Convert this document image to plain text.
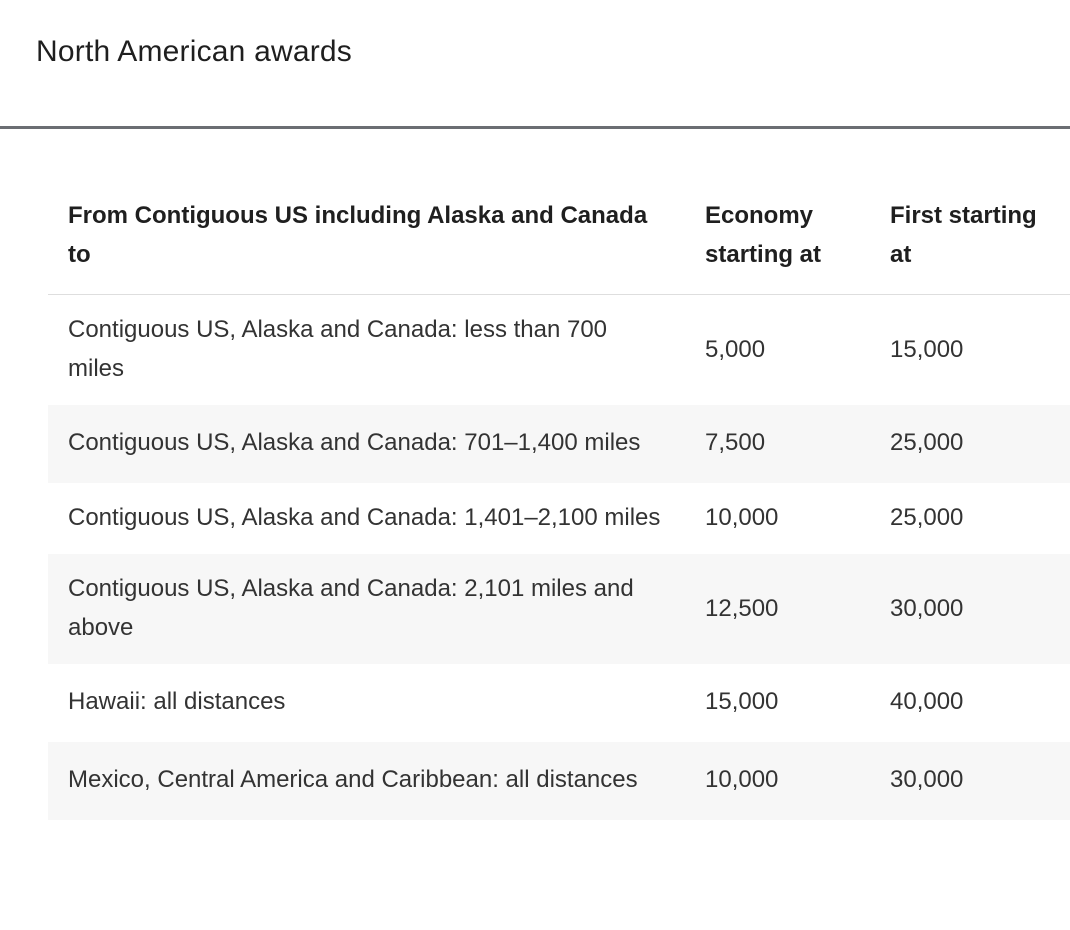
North American awards
From Contiguous US including Alaska and Canada to	Economy starting at	First starting at
Contiguous US, Alaska and Canada: less than 700 miles	5,000	15,000
Contiguous US, Alaska and Canada: 701–1,400 miles	7,500	25,000
Contiguous US, Alaska and Canada: 1,401–2,100 miles	10,000	25,000
Contiguous US, Alaska and Canada: 2,101 miles and above	12,500	30,000
Hawaii: all distances	15,000	40,000
Mexico, Central America and Caribbean: all distances	10,000	30,000
